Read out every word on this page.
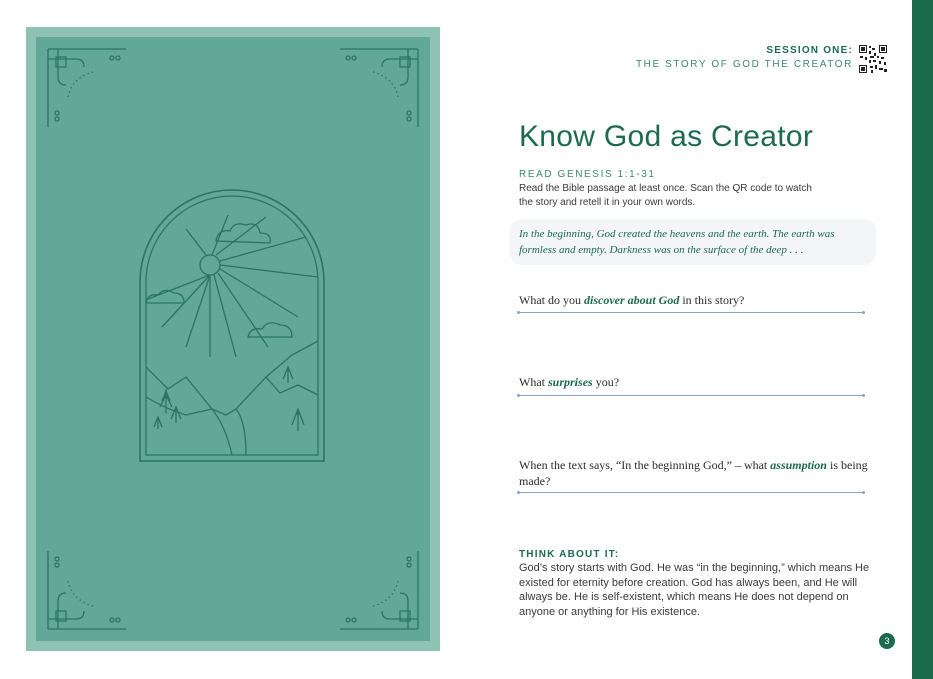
SESSION ONE:
THE STORY OF GOD THE CREATOR
Know God as Creator
READ GENESIS 1:1-31
Read the Bible passage at least once. Scan the QR code to watch the story and retell it in your own words.
In the beginning, God created the heavens and the earth. The earth was formless and empty. Darkness was on the surface of the deep . . .
What do you discover about God in this story?
What surprises you?
When the text says, “In the beginning God,” – what assumption is being made?
THINK ABOUT IT:
God’s story starts with God. He was “in the beginning,” which means He existed for eternity before creation. God has always been, and He will always be. He is self-existent, which means He does not depend on anyone or anything for His existence.
3
